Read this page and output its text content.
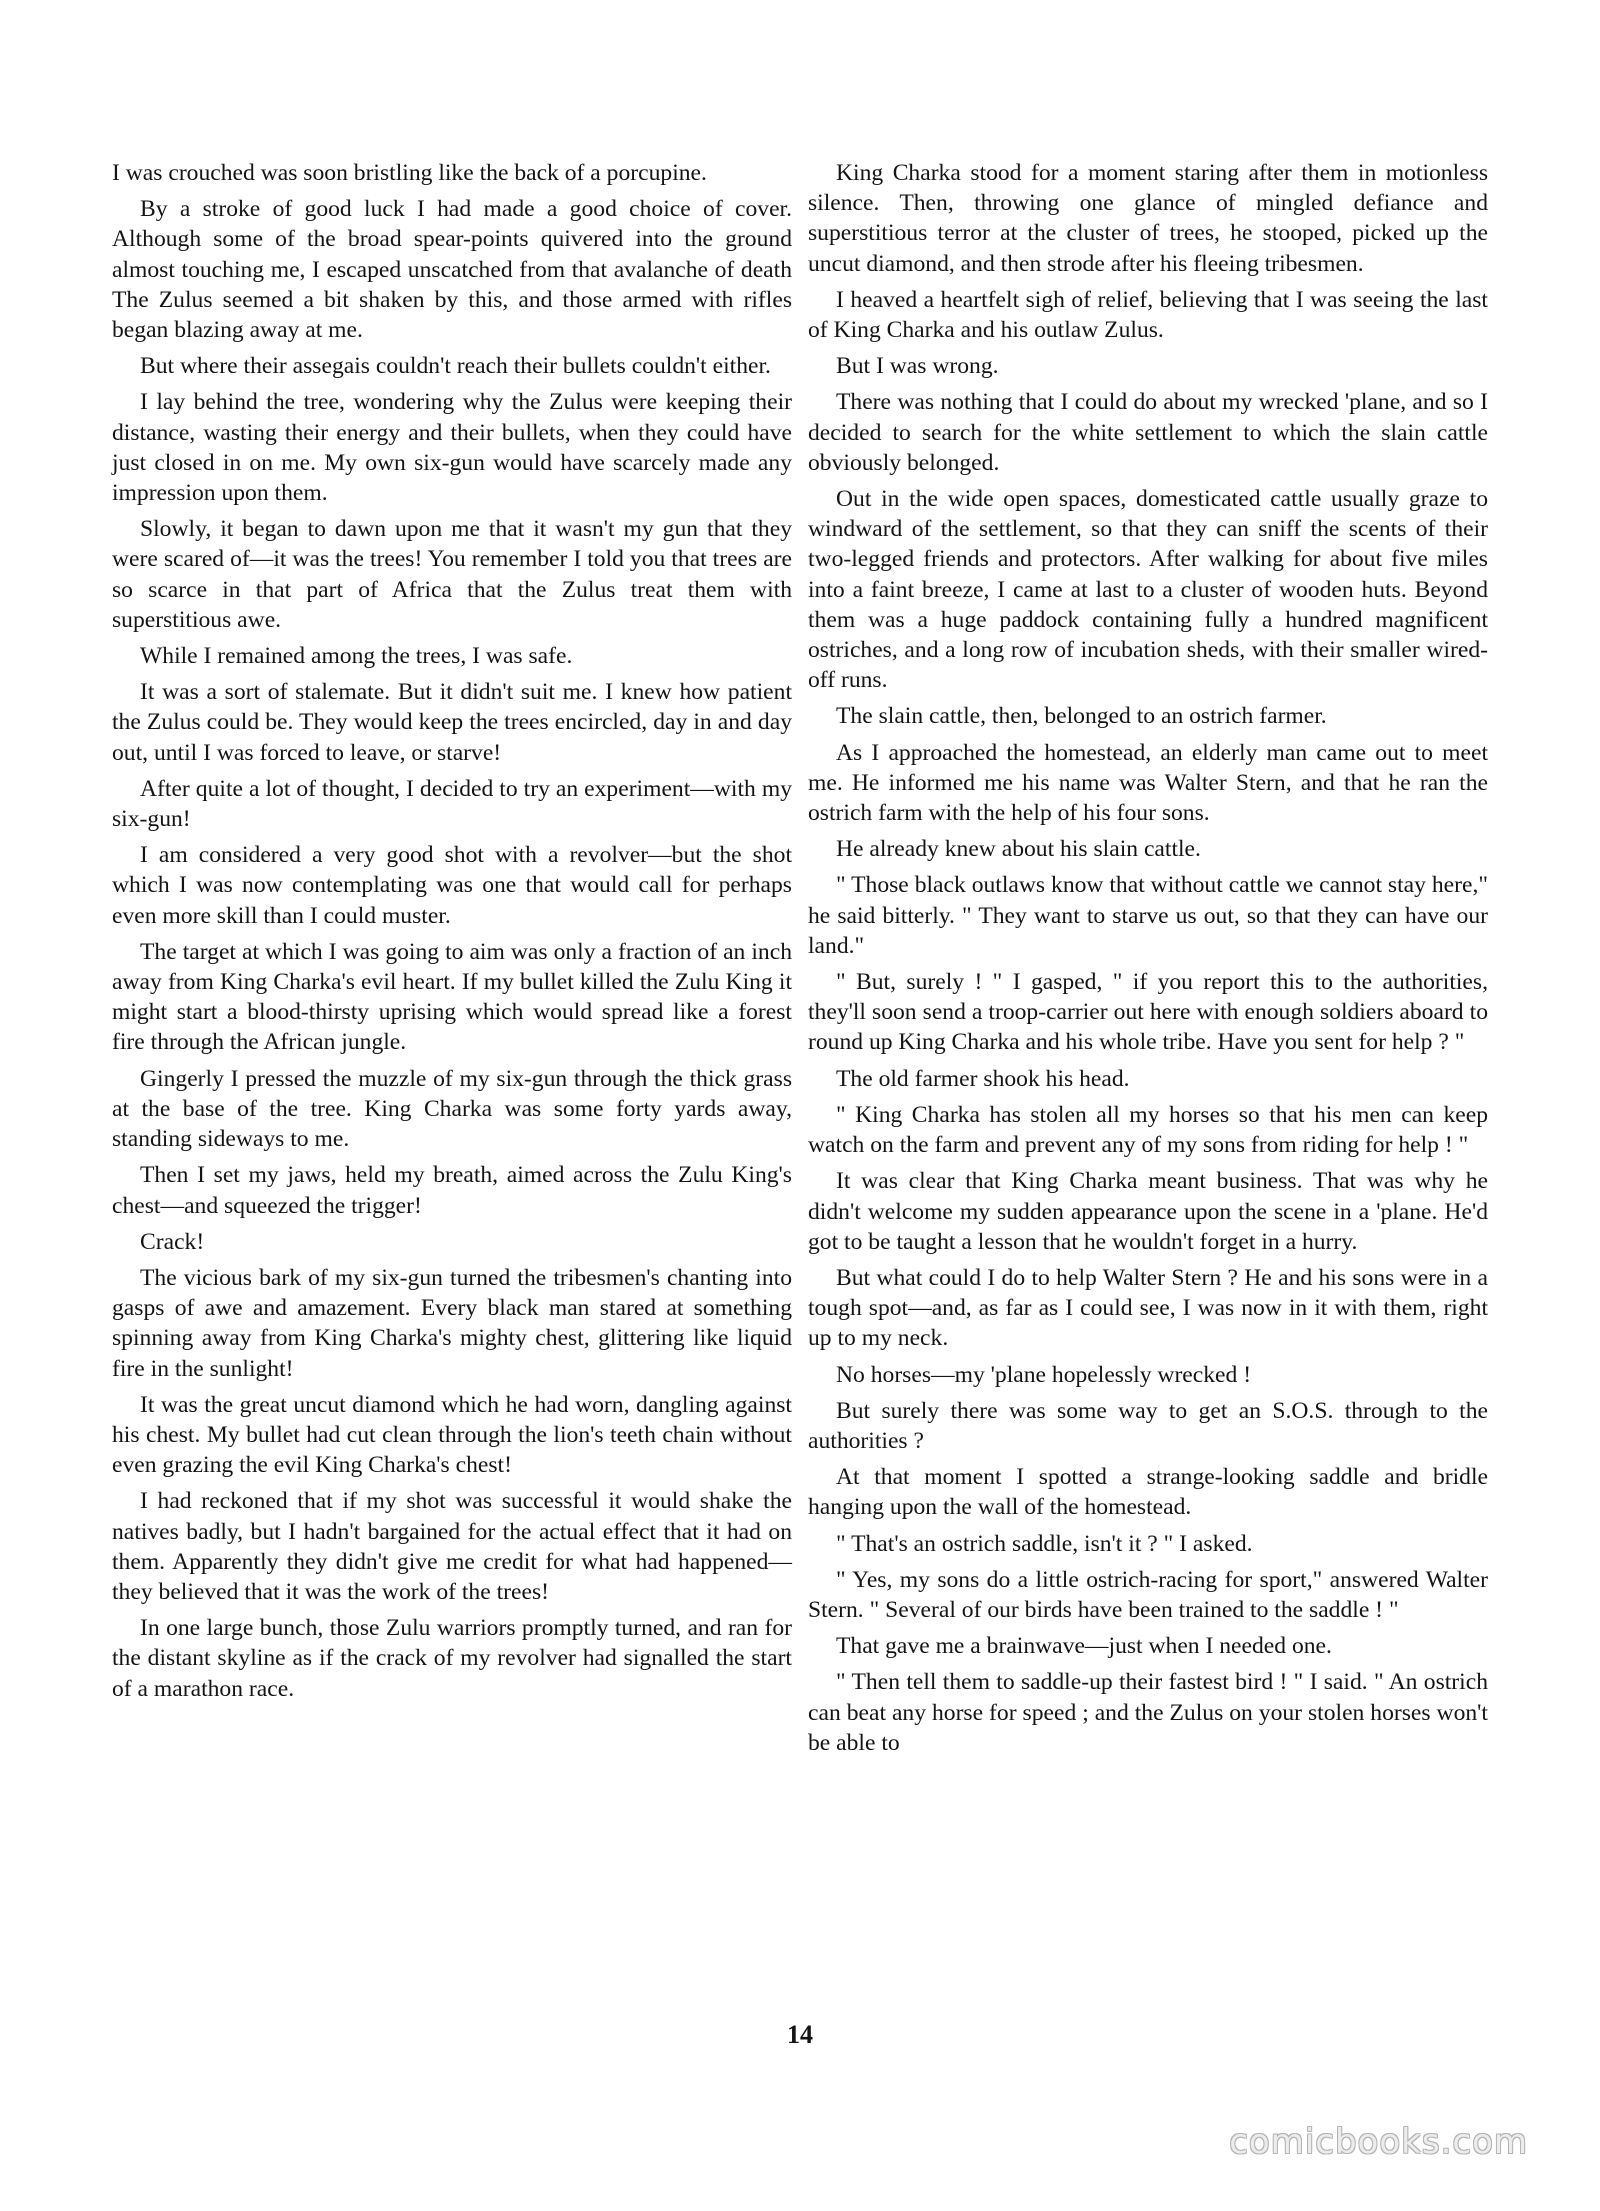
I was crouched was soon bristling like the back of a porcupine.

By a stroke of good luck I had made a good choice of cover. Although some of the broad spear-points quivered into the ground almost touching me, I escaped unscatched from that avalanche of death The Zulus seemed a bit shaken by this, and those armed with rifles began blazing away at me.

But where their assegais couldn't reach their bullets couldn't either.

I lay behind the tree, wondering why the Zulus were keeping their distance, wasting their energy and their bullets, when they could have just closed in on me. My own six-gun would have scarcely made any impression upon them.

Slowly, it began to dawn upon me that it wasn't my gun that they were scared of—it was the trees! You remember I told you that trees are so scarce in that part of Africa that the Zulus treat them with superstitious awe.

While I remained among the trees, I was safe.

It was a sort of stalemate. But it didn't suit me. I knew how patient the Zulus could be. They would keep the trees encircled, day in and day out, until I was forced to leave, or starve!

After quite a lot of thought, I decided to try an experiment—with my six-gun!

I am considered a very good shot with a revolver—but the shot which I was now contemplating was one that would call for perhaps even more skill than I could muster.

The target at which I was going to aim was only a fraction of an inch away from King Charka's evil heart. If my bullet killed the Zulu King it might start a blood-thirsty uprising which would spread like a forest fire through the African jungle.

Gingerly I pressed the muzzle of my six-gun through the thick grass at the base of the tree. King Charka was some forty yards away, standing sideways to me.

Then I set my jaws, held my breath, aimed across the Zulu King's chest—and squeezed the trigger!

Crack!

The vicious bark of my six-gun turned the tribesmen's chanting into gasps of awe and amazement. Every black man stared at something spinning away from King Charka's mighty chest, glittering like liquid fire in the sunlight!

It was the great uncut diamond which he had worn, dangling against his chest. My bullet had cut clean through the lion's teeth chain without even grazing the evil King Charka's chest!

I had reckoned that if my shot was successful it would shake the natives badly, but I hadn't bargained for the actual effect that it had on them. Apparently they didn't give me credit for what had happened—they believed that it was the work of the trees!

In one large bunch, those Zulu warriors promptly turned, and ran for the distant skyline as if the crack of my revolver had signalled the start of a marathon race.

King Charka stood for a moment staring after them in motionless silence. Then, throwing one glance of mingled defiance and superstitious terror at the cluster of trees, he stooped, picked up the uncut diamond, and then strode after his fleeing tribesmen.

I heaved a heartfelt sigh of relief, believing that I was seeing the last of King Charka and his outlaw Zulus.

But I was wrong.

There was nothing that I could do about my wrecked 'plane, and so I decided to search for the white settlement to which the slain cattle obviously belonged.

Out in the wide open spaces, domesticated cattle usually graze to windward of the settlement, so that they can sniff the scents of their two-legged friends and protectors. After walking for about five miles into a faint breeze, I came at last to a cluster of wooden huts. Beyond them was a huge paddock containing fully a hundred magnificent ostriches, and a long row of incubation sheds, with their smaller wired-off runs.

The slain cattle, then, belonged to an ostrich farmer.

As I approached the homestead, an elderly man came out to meet me. He informed me his name was Walter Stern, and that he ran the ostrich farm with the help of his four sons.

He already knew about his slain cattle.

" Those black outlaws know that without cattle we cannot stay here," he said bitterly. " They want to starve us out, so that they can have our land."

" But, surely ! " I gasped, " if you report this to the authorities, they'll soon send a troop-carrier out here with enough soldiers aboard to round up King Charka and his whole tribe. Have you sent for help ? "

The old farmer shook his head.

" King Charka has stolen all my horses so that his men can keep watch on the farm and prevent any of my sons from riding for help ! "

It was clear that King Charka meant business. That was why he didn't welcome my sudden appearance upon the scene in a 'plane. He'd got to be taught a lesson that he wouldn't forget in a hurry.

But what could I do to help Walter Stern ? He and his sons were in a tough spot—and, as far as I could see, I was now in it with them, right up to my neck.

No horses—my 'plane hopelessly wrecked !

But surely there was some way to get an S.O.S. through to the authorities ?

At that moment I spotted a strange-looking saddle and bridle hanging upon the wall of the homestead.

" That's an ostrich saddle, isn't it ? " I asked.

" Yes, my sons do a little ostrich-racing for sport," answered Walter Stern. " Several of our birds have been trained to the saddle ! "

That gave me a brainwave—just when I needed one.

" Then tell them to saddle-up their fastest bird ! " I said. " An ostrich can beat any horse for speed ; and the Zulus on your stolen horses won't be able to

14
comicbooks.com
